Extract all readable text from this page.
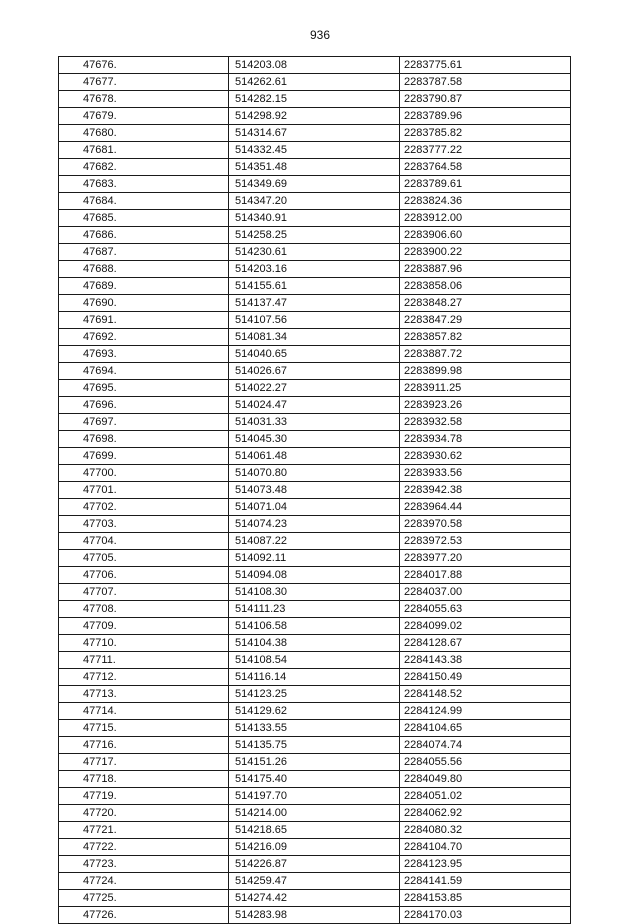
936
47676.	514203.08	2283775.61
47677.	514262.61	2283787.58
47678.	514282.15	2283790.87
47679.	514298.92	2283789.96
47680.	514314.67	2283785.82
47681.	514332.45	2283777.22
47682.	514351.48	2283764.58
47683.	514349.69	2283789.61
47684.	514347.20	2283824.36
47685.	514340.91	2283912.00
47686.	514258.25	2283906.60
47687.	514230.61	2283900.22
47688.	514203.16	2283887.96
47689.	514155.61	2283858.06
47690.	514137.47	2283848.27
47691.	514107.56	2283847.29
47692.	514081.34	2283857.82
47693.	514040.65	2283887.72
47694.	514026.67	2283899.98
47695.	514022.27	2283911.25
47696.	514024.47	2283923.26
47697.	514031.33	2283932.58
47698.	514045.30	2283934.78
47699.	514061.48	2283930.62
47700.	514070.80	2283933.56
47701.	514073.48	2283942.38
47702.	514071.04	2283964.44
47703.	514074.23	2283970.58
47704.	514087.22	2283972.53
47705.	514092.11	2283977.20
47706.	514094.08	2284017.88
47707.	514108.30	2284037.00
47708.	514111.23	2284055.63
47709.	514106.58	2284099.02
47710.	514104.38	2284128.67
47711.	514108.54	2284143.38
47712.	514116.14	2284150.49
47713.	514123.25	2284148.52
47714.	514129.62	2284124.99
47715.	514133.55	2284104.65
47716.	514135.75	2284074.74
47717.	514151.26	2284055.56
47718.	514175.40	2284049.80
47719.	514197.70	2284051.02
47720.	514214.00	2284062.92
47721.	514218.65	2284080.32
47722.	514216.09	2284104.70
47723.	514226.87	2284123.95
47724.	514259.47	2284141.59
47725.	514274.42	2284153.85
47726.	514283.98	2284170.03
